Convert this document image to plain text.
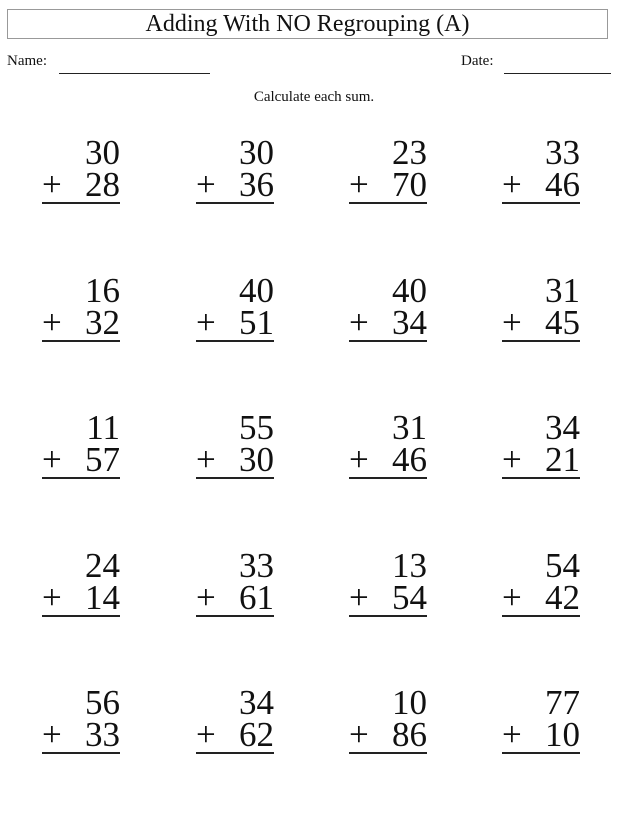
Adding With NO Regrouping (A)
Name:	Date:
Calculate each sum.
30
+ 28
30
+ 36
23
+ 70
33
+ 46
16
+ 32
40
+ 51
40
+ 34
31
+ 45
11
+ 57
55
+ 30
31
+ 46
34
+ 21
24
+ 14
33
+ 61
13
+ 54
54
+ 42
56
+ 33
34
+ 62
10
+ 86
77
+ 10
